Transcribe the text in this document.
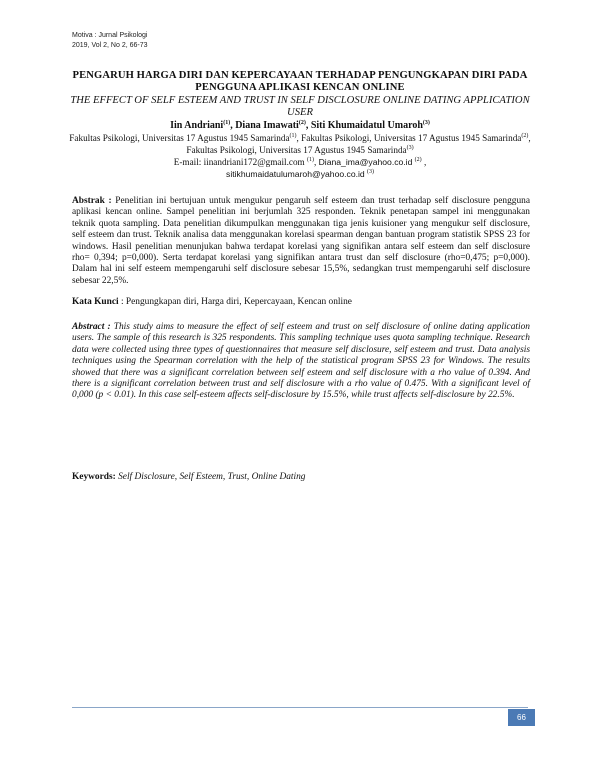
Motiva : Jurnal Psikologi
2019, Vol 2, No 2, 66-73
PENGARUH HARGA DIRI DAN KEPERCAYAAN TERHADAP PENGUNGKAPAN DIRI PADA PENGGUNA APLIKASI KENCAN ONLINE
THE EFFECT OF SELF ESTEEM AND TRUST IN SELF DISCLOSURE ONLINE DATING APPLICATION USER
Iin Andriani$^{(1)}$, Diana Imawati$^{(2)}$, Siti Khumaidatul Umaroh$^{(3)}$
Fakultas Psikologi, Universitas 17 Agustus 1945 Samarinda$^{(1)}$, Fakultas Psikologi, Universitas 17 Agustus 1945 Samarinda$^{(2)}$, Fakultas Psikologi, Universitas 17 Agustus 1945 Samarinda$^{(3)}$
E-mail: iinandriani172@gmail.com $^{(1)}$, Diana_ima@yahoo.co.id $^{(2)}$ ,
sitikhumaidatulumaroh@yahoo.co.id $^{(3)}$
Abstrak : Penelitian ini bertujuan untuk mengukur pengaruh self esteem dan trust terhadap self disclosure pengguna aplikasi kencan online. Sampel penelitian ini berjumlah 325 responden. Teknik penetapan sampel ini menggunakan teknik quota sampling. Data penelitian dikumpulkan menggunakan tiga jenis kuisioner yang mengukur self disclosure, self esteem dan trust. Teknik analisa data menggunakan korelasi spearman dengan bantuan program statistik SPSS 23 for windows. Hasil penelitian menunjukan bahwa terdapat korelasi yang signifikan antara self esteem dan self disclosure rho= 0,394; p=0,000). Serta terdapat korelasi yang signifikan antara trust dan self disclosure (rho=0,475; p=0,000). Dalam hal ini self esteem mempengaruhi self disclosure sebesar 15,5%, sedangkan trust mempengaruhi self disclosure sebesar 22,5%.
Kata Kunci : Pengungkapan diri, Harga diri, Kepercayaan, Kencan online
Abstract : This study aims to measure the effect of self esteem and trust on self disclosure of online dating application users. The sample of this research is 325 respondents. This sampling technique uses quota sampling technique. Research data were collected using three types of questionnaires that measure self disclosure, self esteem and trust. Data analysis techniques using the Spearman correlation with the help of the statistical program SPSS 23 for Windows. The results showed that there was a significant correlation between self esteem and self disclosure with a rho value of 0.394. And there is a significant correlation between trust and self disclosure with a rho value of 0.475. With a significant level of 0,000 (p < 0.01). In this case self-esteem affects self-disclosure by 15.5%, while trust affects self-disclosure by 22.5%.
Keywords: Self Disclosure, Self Esteem, Trust, Online Dating
66
